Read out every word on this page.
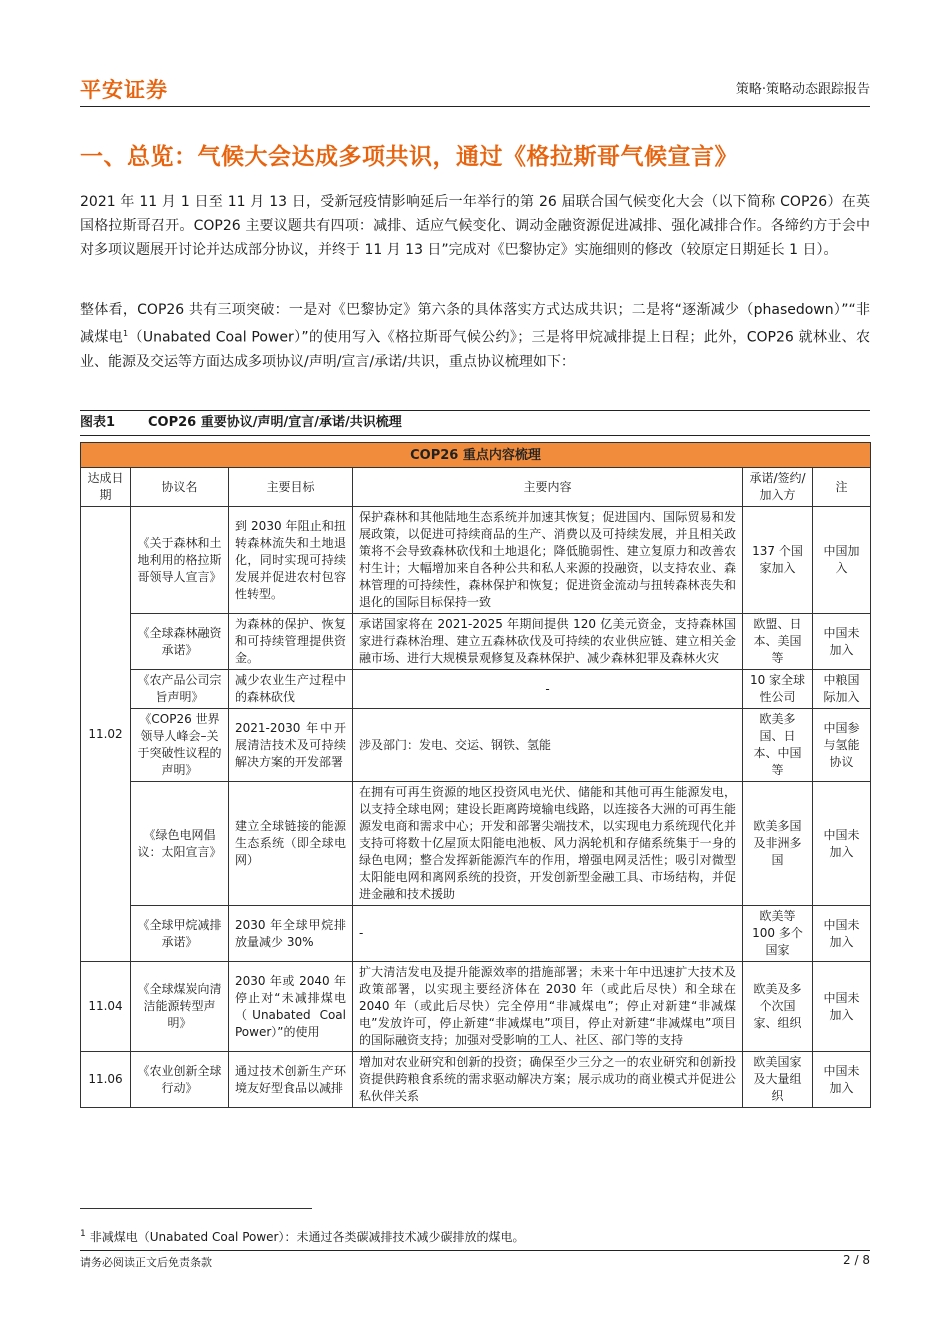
平安证券	策略·策略动态跟踪报告
一、总览：气候大会达成多项共识，通过《格拉斯哥气候宣言》

2021 年 11 月 1 日至 11 月 13 日，受新冠疫情影响延后一年举行的第 26 届联合国气候变化大会（以下简称 COP26）在英国格拉斯哥召开。COP26 主要议题共有四项：减排、适应气候变化、调动金融资源促进减排、强化减排合作。各缔约方于会中对多项议题展开讨论并达成部分协议，并终于 11 月 13 日”完成对《巴黎协定》实施细则的修改（较原定日期延长 1 日）。

整体看，COP26 共有三项突破：一是对《巴黎协定》第六条的具体落实方式达成共识；二是将“逐渐减少（phasedown）”“非减煤电$^1$（Unabated Coal Power）”的使用写入《格拉斯哥气候公约》；三是将甲烷减排提上日程；此外，COP26 就林业、农业、能源及交运等方面达成多项协议/声明/宣言/承诺/共识，重点协议梳理如下：

图表1	COP26 重要协议/声明/宣言/承诺/共识梳理
COP26 重点内容梳理					
达成日期	协议名	主要目标	主要内容	承诺/签约/加入方	注
11.02	《关于森林和土地利用的格拉斯哥领导人宣言》	到 2030 年阻止和扭转森林流失和土地退化，同时实现可持续发展并促进农村包容性转型。	保护森林和其他陆地生态系统并加速其恢复；促进国内、国际贸易和发展政策，以促进可持续商品的生产、消费以及可持续发展，并且相关政策将不会导致森林砍伐和土地退化；降低脆弱性、建立复原力和改善农村生计；大幅增加来自各种公共和私人来源的投融资，以支持农业、森林管理的可持续性，森林保护和恢复；促进资金流动与扭转森林丧失和退化的国际目标保持一致	137 个国家加入	中国加入
	《全球森林融资承诺》	为森林的保护、恢复和可持续管理提供资金。	承诺国家将在 2021-2025 年期间提供 120 亿美元资金，支持森林国家进行森林治理、建立五森林砍伐及可持续的农业供应链、建立相关金融市场、进行大规模景观修复及森林保护、减少森林犯罪及森林火灾	欧盟、日本、美国等	中国未加入
	《农产品公司宗旨声明》	减少农业生产过程中的森林砍伐	-	10 家全球性公司	中粮国际加入
	《COP26 世界领导人峰会–关于突破性议程的声明》	2021-2030 年中开展清洁技术及可持续解决方案的开发部署	涉及部门：发电、交运、钢铁、氢能	欧美多国、日本、中国等	中国参与氢能协议
	《绿色电网倡议：太阳宣言》	建立全球链接的能源生态系统（即全球电网）	在拥有可再生资源的地区投资风电光伏、储能和其他可再生能源发电，以支持全球电网；建设长距离跨境输电线路，以连接各大洲的可再生能源发电商和需求中心；开发和部署尖端技术，以实现电力系统现代化并支持可将数十亿屋顶太阳能电池板、风力涡轮机和存储系统集于一身的绿色电网；整合发挥新能源汽车的作用，增强电网灵活性；吸引对微型太阳能电网和离网系统的投资，开发创新型金融工具、市场结构，并促进金融和技术援助	欧美多国及非洲多国	中国未加入
	《全球甲烷减排承诺》	2030 年全球甲烷排放量减少 30%	-	欧美等 100 多个国家	中国未加入
11.04	《全球煤炭向清洁能源转型声明》	2030 年或 2040 年停止对“未减排煤电（Unabated Coal Power）”的使用	扩大清洁发电及提升能源效率的措施部署；未来十年中迅速扩大技术及政策部署，以实现主要经济体在 2030 年（或此后尽快）和全球在 2040 年（或此后尽快）完全停用“非减煤电”；停止对新建“非减煤电”发放许可，停止新建“非减煤电”项目，停止对新建“非减煤电”项目的国际融资支持；加强对受影响的工人、社区、部门等的支持	欧美及多个次国家、组织	中国未加入
11.06	《农业创新全球行动》	通过技术创新生产环境友好型食品以减排	增加对农业研究和创新的投资；确保至少三分之一的农业研究和创新投资提供跨粮食系统的需求驱动解决方案；展示成功的商业模式并促进公私伙伴关系	欧美国家及大量组织	中国未加入
$^1$ 非减煤电（Unabated Coal Power）：未通过各类碳减排技术减少碳排放的煤电。
请务必阅读正文后免责条款	2 / 8
